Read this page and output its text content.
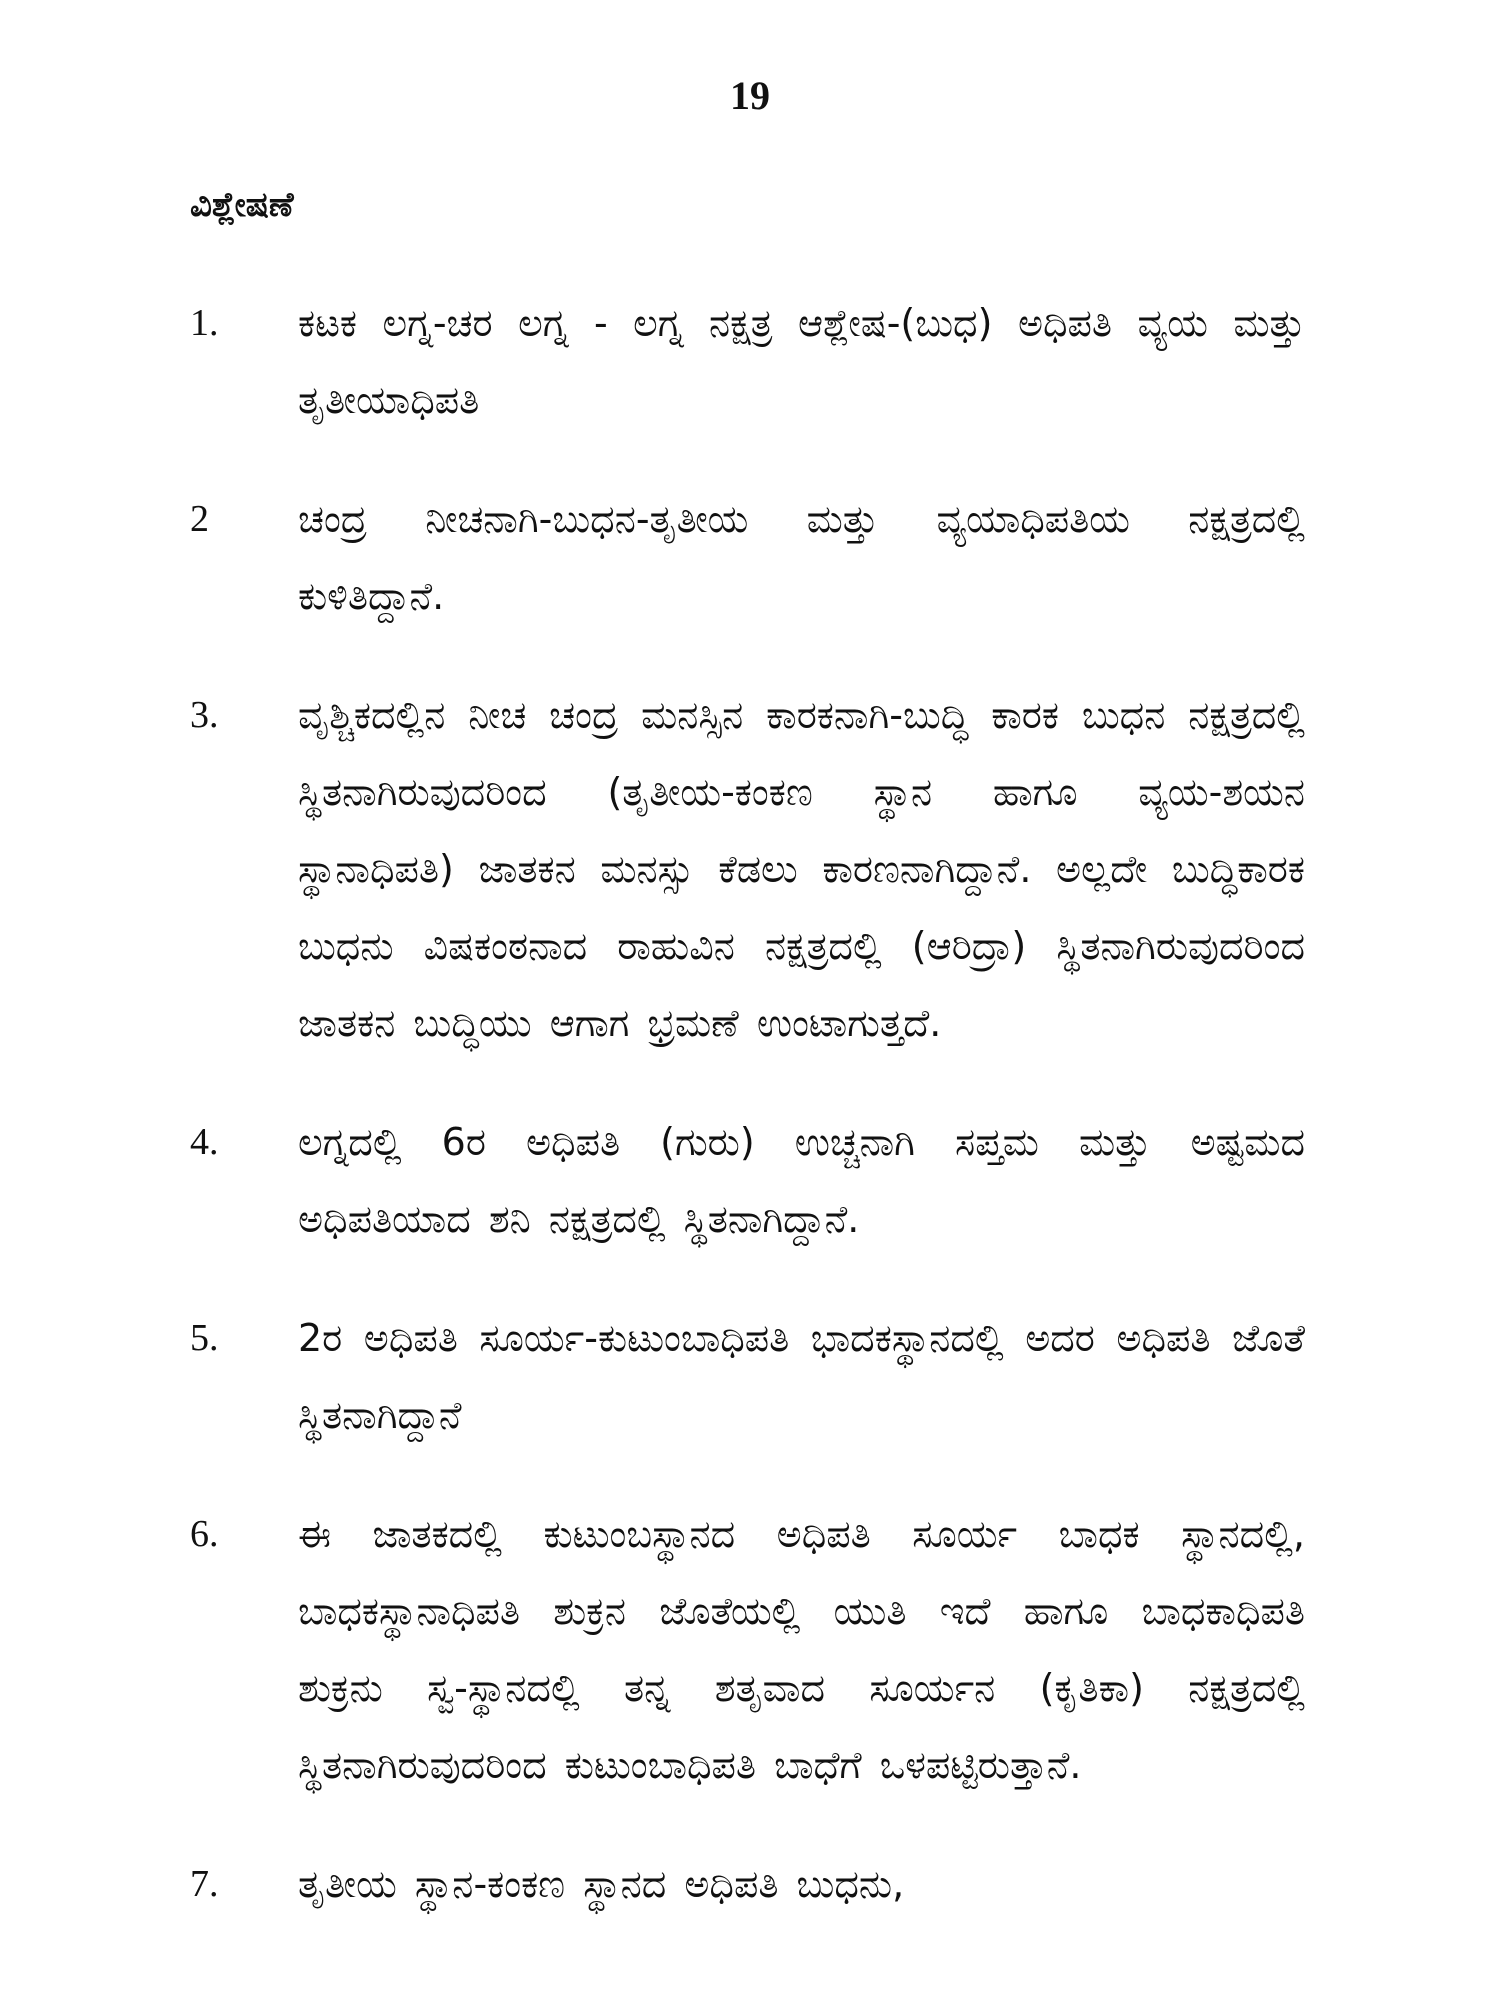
19
ವಿಶ್ಲೇಷಣೆ
1. ಕಟಕ ಲಗ್ನ-ಚರ ಲಗ್ನ - ಲಗ್ನ ನಕ್ಷತ್ರ ಆಶ್ಲೇಷ-(ಬುಧ) ಅಧಿಪತಿ ವ್ಯಯ ಮತ್ತು ತೃತೀಯಾಧಿಪತಿ
2 ಚಂದ್ರ ನೀಚನಾಗಿ-ಬುಧನ-ತೃತೀಯ ಮತ್ತು ವ್ಯಯಾಧಿಪತಿಯ ನಕ್ಷತ್ರದಲ್ಲಿ ಕುಳಿತಿದ್ದಾನೆ.
3. ವೃಶ್ಚಿಕದಲ್ಲಿನ ನೀಚ ಚಂದ್ರ ಮನಸ್ಸಿನ ಕಾರಕನಾಗಿ-ಬುದ್ಧಿ ಕಾರಕ ಬುಧನ ನಕ್ಷತ್ರದಲ್ಲಿ ಸ್ಥಿತನಾಗಿರುವುದರಿಂದ (ತೃತೀಯ-ಕಂಕಣ ಸ್ಥಾನ ಹಾಗೂ ವ್ಯಯ-ಶಯನ ಸ್ಥಾನಾಧಿಪತಿ) ಜಾತಕನ ಮನಸ್ಸು ಕೆಡಲು ಕಾರಣನಾಗಿದ್ದಾನೆ. ಅಲ್ಲದೇ ಬುದ್ಧಿಕಾರಕ ಬುಧನು ವಿಷಕಂಠನಾದ ರಾಹುವಿನ ನಕ್ಷತ್ರದಲ್ಲಿ (ಆರಿದ್ರಾ) ಸ್ಥಿತನಾಗಿರುವುದರಿಂದ ಜಾತಕನ ಬುದ್ಧಿಯು ಆಗಾಗ ಭ್ರಮಣೆ ಉಂಟಾಗುತ್ತದೆ.
4. ಲಗ್ನದಲ್ಲಿ 6ರ ಅಧಿಪತಿ (ಗುರು) ಉಚ್ಚನಾಗಿ ಸಪ್ತಮ ಮತ್ತು ಅಷ್ಟಮದ ಅಧಿಪತಿಯಾದ ಶನಿ ನಕ್ಷತ್ರದಲ್ಲಿ ಸ್ಥಿತನಾಗಿದ್ದಾನೆ.
5. 2ರ ಅಧಿಪತಿ ಸೂರ್ಯ-ಕುಟುಂಬಾಧಿಪತಿ ಭಾದಕಸ್ಥಾನದಲ್ಲಿ ಅದರ ಅಧಿಪತಿ ಜೊತೆ ಸ್ಥಿತನಾಗಿದ್ದಾನೆ
6. ಈ ಜಾತಕದಲ್ಲಿ ಕುಟುಂಬಸ್ಥಾನದ ಅಧಿಪತಿ ಸೂರ್ಯ ಬಾಧಕ ಸ್ಥಾನದಲ್ಲಿ, ಬಾಧಕಸ್ಥಾನಾಧಿಪತಿ ಶುಕ್ರನ ಜೊತೆಯಲ್ಲಿ ಯುತಿ ಇದೆ ಹಾಗೂ ಬಾಧಕಾಧಿಪತಿ ಶುಕ್ರನು ಸ್ವ-ಸ್ಥಾನದಲ್ಲಿ ತನ್ನ ಶತೃವಾದ ಸೂರ್ಯನ (ಕೃತಿಕಾ) ನಕ್ಷತ್ರದಲ್ಲಿ ಸ್ಥಿತನಾಗಿರುವುದರಿಂದ ಕುಟುಂಬಾಧಿಪತಿ ಬಾಧೆಗೆ ಒಳಪಟ್ಟಿರುತ್ತಾನೆ.
7. ತೃತೀಯ ಸ್ಥಾನ-ಕಂಕಣ ಸ್ಥಾನದ ಅಧಿಪತಿ ಬುಧನು,
